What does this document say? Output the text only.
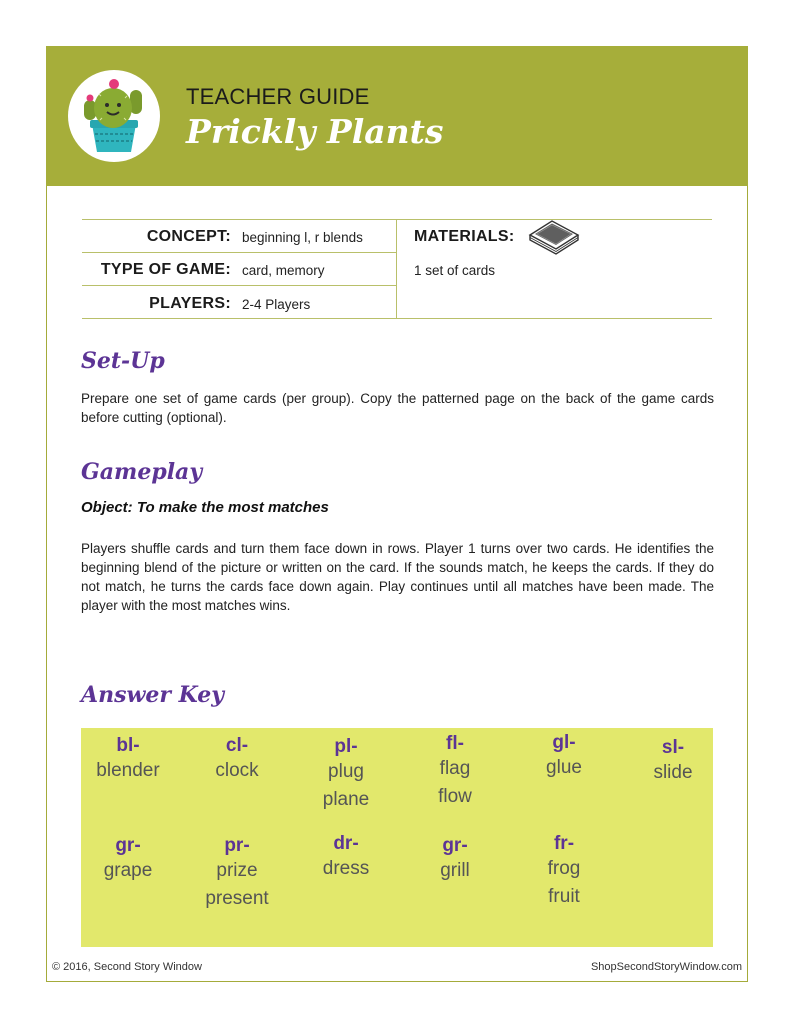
TEACHER GUIDE
Prickly Plants
CONCEPT: beginning l, r blends
TYPE OF GAME: card, memory
PLAYERS: 2-4 Players
MATERIALS:
1 set of cards
Set-Up
Prepare one set of game cards (per group). Copy the patterned page on the back of the game cards before cutting (optional).
Gameplay
Object: To make the most matches
Players shuffle cards and turn them face down in rows. Player 1 turns over two cards. He identifies the beginning blend of the picture or written on the card. If the sounds match, he keeps the cards. If they do not match, he turns the cards face down again. Play continues until all matches have been made. The player with the most matches wins.
Answer Key
bl-
blender
cl-
clock
pl-
plug
plane
fl-
flag
flow
gl-
glue
sl-
slide
gr-
grape
pr-
prize
present
dr-
dress
gr-
grill
fr-
frog
fruit
© 2016, Second Story Window	ShopSecondStoryWindow.com
